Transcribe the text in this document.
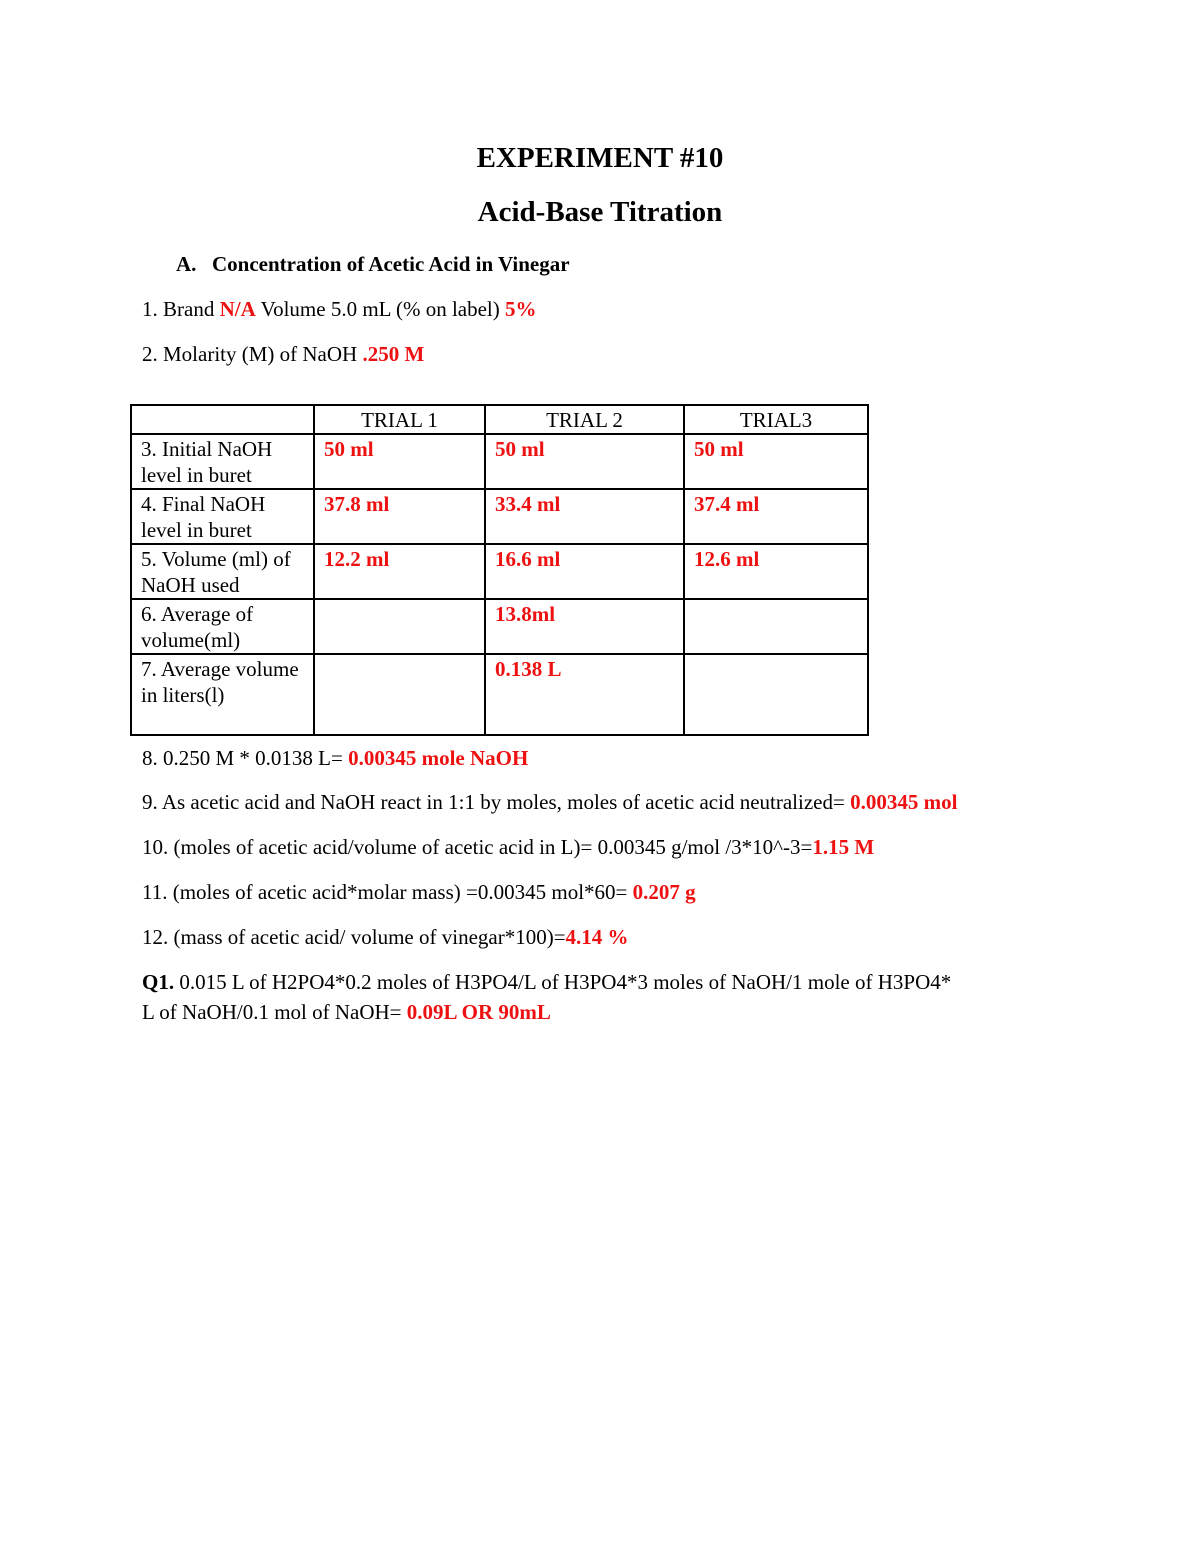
EXPERIMENT #10
Acid-Base Titration

A. Concentration of Acetic Acid in Vinegar

1. Brand N/A Volume 5.0 mL (% on label) 5%

2. Molarity (M) of NaOH .250 M

	TRIAL 1	TRIAL 2	TRIAL3
3. Initial NaOH level in buret	50 ml	50 ml	50 ml
4. Final NaOH level in buret	37.8 ml	33.4 ml	37.4 ml
5. Volume (ml) of NaOH used	12.2 ml	16.6 ml	12.6 ml
6. Average of volume(ml)		13.8ml	
7. Average volume in liters(l)		0.138 L	

8. 0.250 M * 0.0138 L= 0.00345 mole NaOH

9. As acetic acid and NaOH react in 1:1 by moles, moles of acetic acid neutralized= 0.00345 mol

10. (moles of acetic acid/volume of acetic acid in L)= 0.00345 g/mol /3*10^-3=1.15 M

11. (moles of acetic acid*molar mass) =0.00345 mol*60= 0.207 g

12. (mass of acetic acid/ volume of vinegar*100)=4.14 %

Q1. 0.015 L of H2PO4*0.2 moles of H3PO4/L of H3PO4*3 moles of NaOH/1 mole of H3PO4*

L of NaOH/0.1 mol of NaOH= 0.09L OR 90mL
